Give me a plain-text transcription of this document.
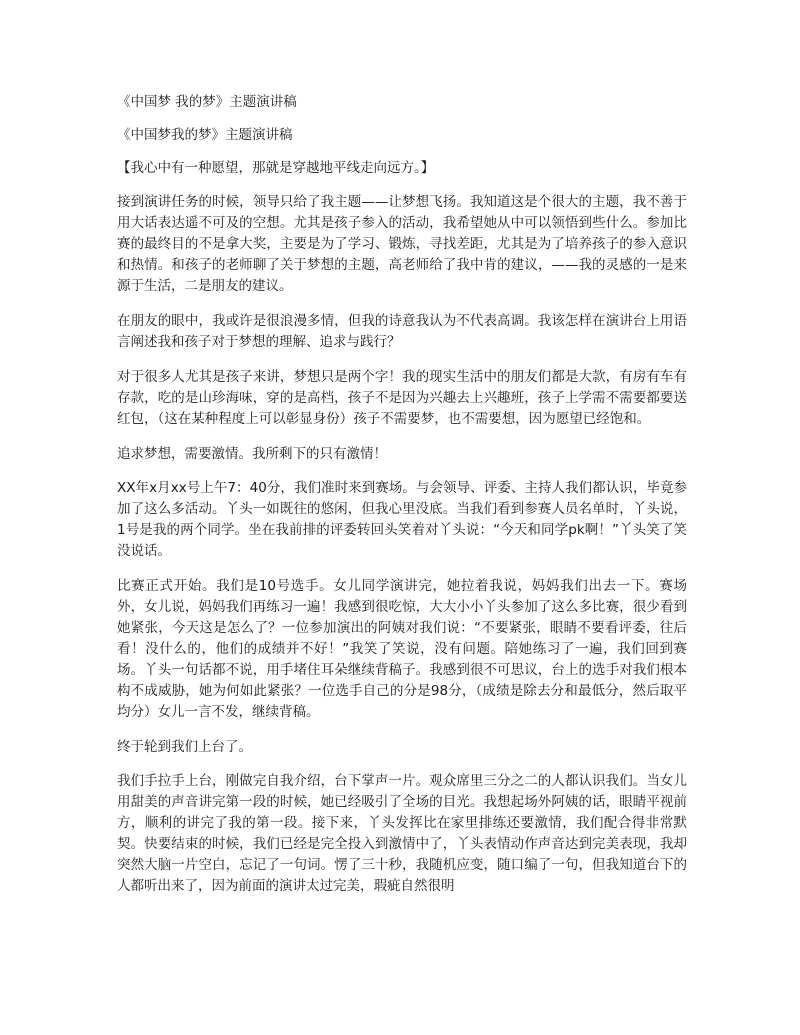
《中国梦 我的梦》主题演讲稿
《中国梦我的梦》主题演讲稿
【我心中有一种愿望，那就是穿越地平线走向远方。】
接到演讲任务的时候，领导只给了我主题——让梦想飞扬。我知道这是个很大的主题，我不善于用大话表达遥不可及的空想。尤其是孩子参入的活动，我希望她从中可以领悟到些什么。参加比赛的最终目的不是拿大奖，主要是为了学习、锻炼，寻找差距，尤其是为了培养孩子的参入意识和热情。和孩子的老师聊了关于梦想的主题，高老师给了我中肯的建议，——我的灵感的一是来源于生活，二是朋友的建议。
在朋友的眼中，我或许是很浪漫多情，但我的诗意我认为不代表高调。我该怎样在演讲台上用语言阐述我和孩子对于梦想的理解、追求与践行？
对于很多人尤其是孩子来讲，梦想只是两个字！我的现实生活中的朋友们都是大款，有房有车有存款，吃的是山珍海味，穿的是高档，孩子不是因为兴趣去上兴趣班，孩子上学需不需要都要送红包，（这在某种程度上可以彰显身份）孩子不需要梦，也不需要想，因为愿望已经饱和。
追求梦想，需要激情。我所剩下的只有激情！
XX年x月xx号上午7：40分，我们准时来到赛场。与会领导、评委、主持人我们都认识，毕竟参加了这么多活动。丫头一如既往的悠闲，但我心里没底。当我们看到参赛人员名单时，丫头说，1号是我的两个同学。坐在我前排的评委转回头笑着对丫头说：“今天和同学pk啊！”丫头笑了笑没说话。
比赛正式开始。我们是10号选手。女儿同学演讲完，她拉着我说，妈妈我们出去一下。赛场外，女儿说，妈妈我们再练习一遍！我感到很吃惊，大大小小丫头参加了这么多比赛，很少看到她紧张，今天这是怎么了？一位参加演出的阿姨对我们说：“不要紧张，眼睛不要看评委，往后看！没什么的，他们的成绩并不好！”我笑了笑说，没有问题。陪她练习了一遍，我们回到赛场。丫头一句话都不说，用手堵住耳朵继续背稿子。我感到很不可思议，台上的选手对我们根本构不成威胁，她为何如此紧张？一位选手自己的分是98分，（成绩是除去分和最低分，然后取平均分）女儿一言不发，继续背稿。
终于轮到我们上台了。
我们手拉手上台，刚做完自我介绍，台下掌声一片。观众席里三分之二的人都认识我们。当女儿用甜美的声音讲完第一段的时候，她已经吸引了全场的目光。我想起场外阿姨的话，眼睛平视前方，顺利的讲完了我的第一段。接下来，丫头发挥比在家里排练还要激情，我们配合得非常默契。快要结束的时候，我们已经是完全投入到激情中了，丫头表情动作声音达到完美表现，我却突然大脑一片空白，忘记了一句词。愣了三十秒，我随机应变，随口编了一句，但我知道台下的人都听出来了，因为前面的演讲太过完美，瑕疵自然很明
